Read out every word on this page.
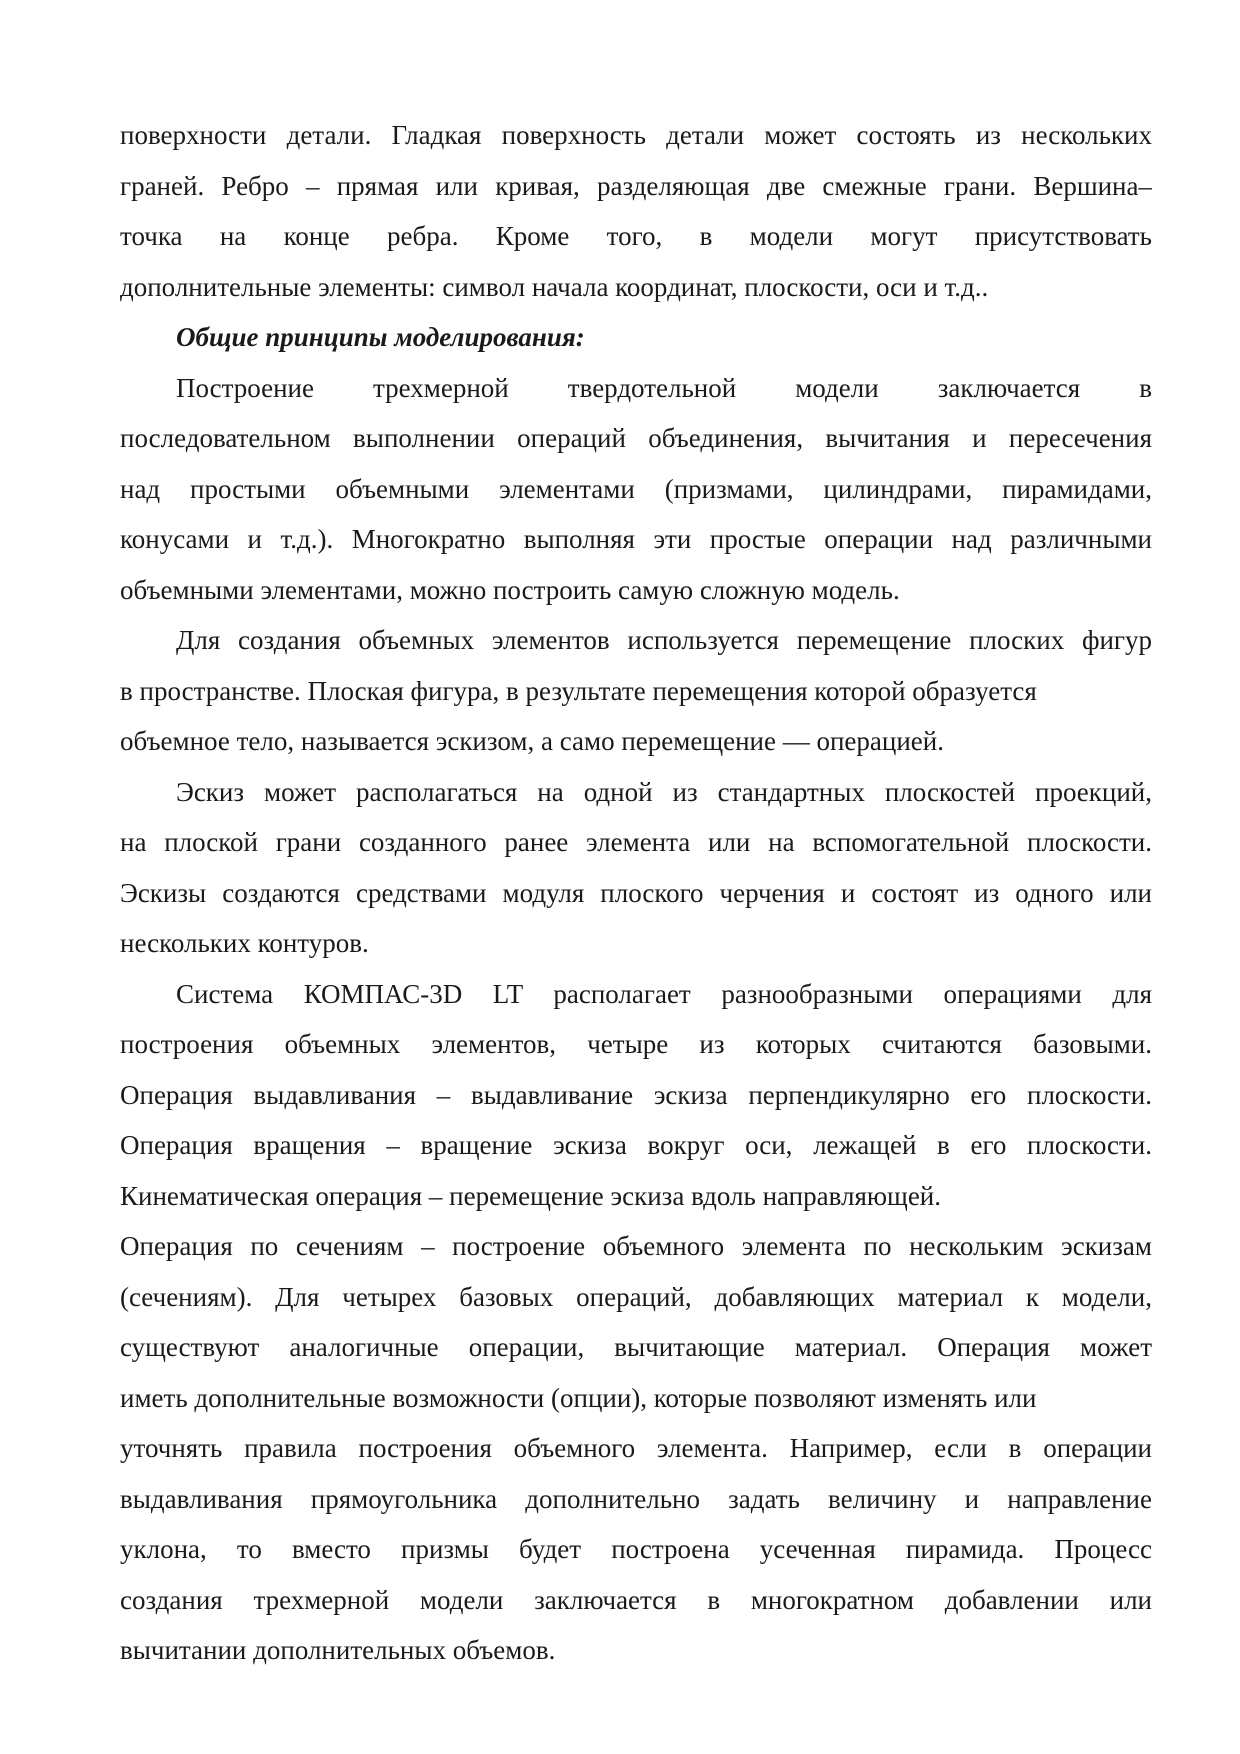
поверхности детали. Гладкая поверхность детали может состоять из нескольких
граней. Ребро – прямая или кривая, разделяющая две смежные грани. Вершина–
точка на конце ребра. Кроме того, в модели могут присутствовать
дополнительные элементы: символ начала координат, плоскости, оси и т.д..
Общие принципы моделирования:
Построение трехмерной твердотельной модели заключается в
последовательном выполнении операций объединения, вычитания и пересечения
над простыми объемными элементами (призмами, цилиндрами, пирамидами,
конусами и т.д.). Многократно выполняя эти простые операции над различными
объемными элементами, можно построить самую сложную модель.
Для создания объемных элементов используется перемещение плоских фигур
в пространстве. Плоская фигура, в результате перемещения которой образуется
объемное тело, называется эскизом, а само перемещение — операцией.
Эскиз может располагаться на одной из стандартных плоскостей проекций,
на плоской грани созданного ранее элемента или на вспомогательной плоскости.
Эскизы создаются средствами модуля плоского черчения и состоят из одного или
нескольких контуров.
Система КОМПАС-3D LT располагает разнообразными операциями для
построения объемных элементов, четыре из которых считаются базовыми.
Операция выдавливания – выдавливание эскиза перпендикулярно его плоскости.
Операция вращения – вращение эскиза вокруг оси, лежащей в его плоскости.
Кинематическая операция – перемещение эскиза вдоль направляющей.
Операция по сечениям – построение объемного элемента по нескольким эскизам
(сечениям). Для четырех базовых операций, добавляющих материал к модели,
существуют аналогичные операции, вычитающие материал. Операция может
иметь дополнительные возможности (опции), которые позволяют изменять или
уточнять правила построения объемного элемента. Например, если в операции
выдавливания прямоугольника дополнительно задать величину и направление
уклона, то вместо призмы будет построена усеченная пирамида. Процесс
создания трехмерной модели заключается в многократном добавлении или
вычитании дополнительных объемов.
